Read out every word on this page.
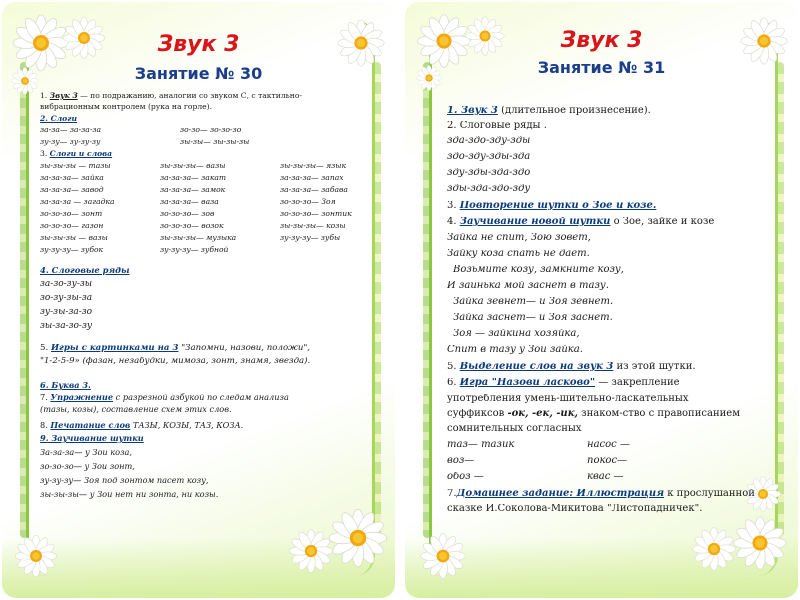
Звук 3
Занятие № 30
1. Звук 3 — по подражанию, аналогии со звуком С, с тактильно-
вибрационным контролем (рука на горле).
2. Слоги
за-за— за-за-за	зо-зо— зо-зо-зо
зу-зу— зу-зу-зу	зы-зы— зы-зы-зы
3. Слоги и слова
зы-зы-зы — тазы	зы-зы-зы— вазы	зы-зы-зы— язык
за-за-за— зайка	за-за-за— закат	за-за-за— запах
за-за-за— завод	за-за-за— замок	за-за-за— забава
за-за-за — загадка	за-за-за— ваза	зо-зо-зо— Зоя
зо-зо-зо— зонт	зо-зо-зо— зов	зо-зо-зо— зонтик
зо-зо-зо— газон	зо-зо-зо— возок	зы-зы-зы— козы
зы-зы-зы — вазы	зы-зы-зы— музыка	зу-зу-зу— зубы
зу-зу-зу— зубок	зу-зу-зу— зубной
4. Слоговые ряды
за-зо-зу-зы
зо-зу-зы-за
зу-зы-за-зо
зы-за-зо-зу
5. Игры с картинками на 3 "Запомни, назови, положи",
"1-2-5-9» (фазан, незабудки, мимоза, зонт, знамя, звезда).
6. Буква 3.
7. Упражнение с разрезной азбукой по следам анализа
(тазы, козы), составление схем этих слов.
8. Печатание слов ТАЗЫ, КОЗЫ, ТАЗ, КОЗА.
9. Заучивание шутки
За-за-за— у Зои коза,
зо-зо-зо— у Зои зонт,
зу-зу-зу— Зоя под зонтом пасет козу,
зы-зы-зы— у Зои нет ни зонта, ни козы.
Звук 3
Занятие № 31
1. Звук 3 (длительное произнесение).
2. Слоговые ряды .
зда-здо-зду-зды
здо-зду-зды-зда
зду-зды-зда-здо
зды-зда-здо-зду
3. Повторение шутки о Зое и козе.
4. Заучивание новой шутки о Зое, зайке и козе
Зайка не спит, Зою зовет,
Зайку коза спать не дает.
Возьмите козу, замкните козу,
И заинька мой заснет в тазу.
Зайка зевнет— и Зоя зевнет.
Зайка заснет— и Зоя заснет.
Зоя — зайкина хозяйка,
Спит в тазу у Зои зайка.
5. Выделение слов на звук 3 из этой шутки.
6. Игра "Назови ласково" — закрепление
употребления умень-шительно-ласкательных
суффиксов -ок, -ек, -ик, знаком-ство с правописанием
сомнительных согласных
таз— тазик	насос —
воз—	покос—
обоз —	квас —
7.Домашнее задание: Иллюстрация к прослушанной
сказке И.Соколова-Микитова "Листопадничек".
